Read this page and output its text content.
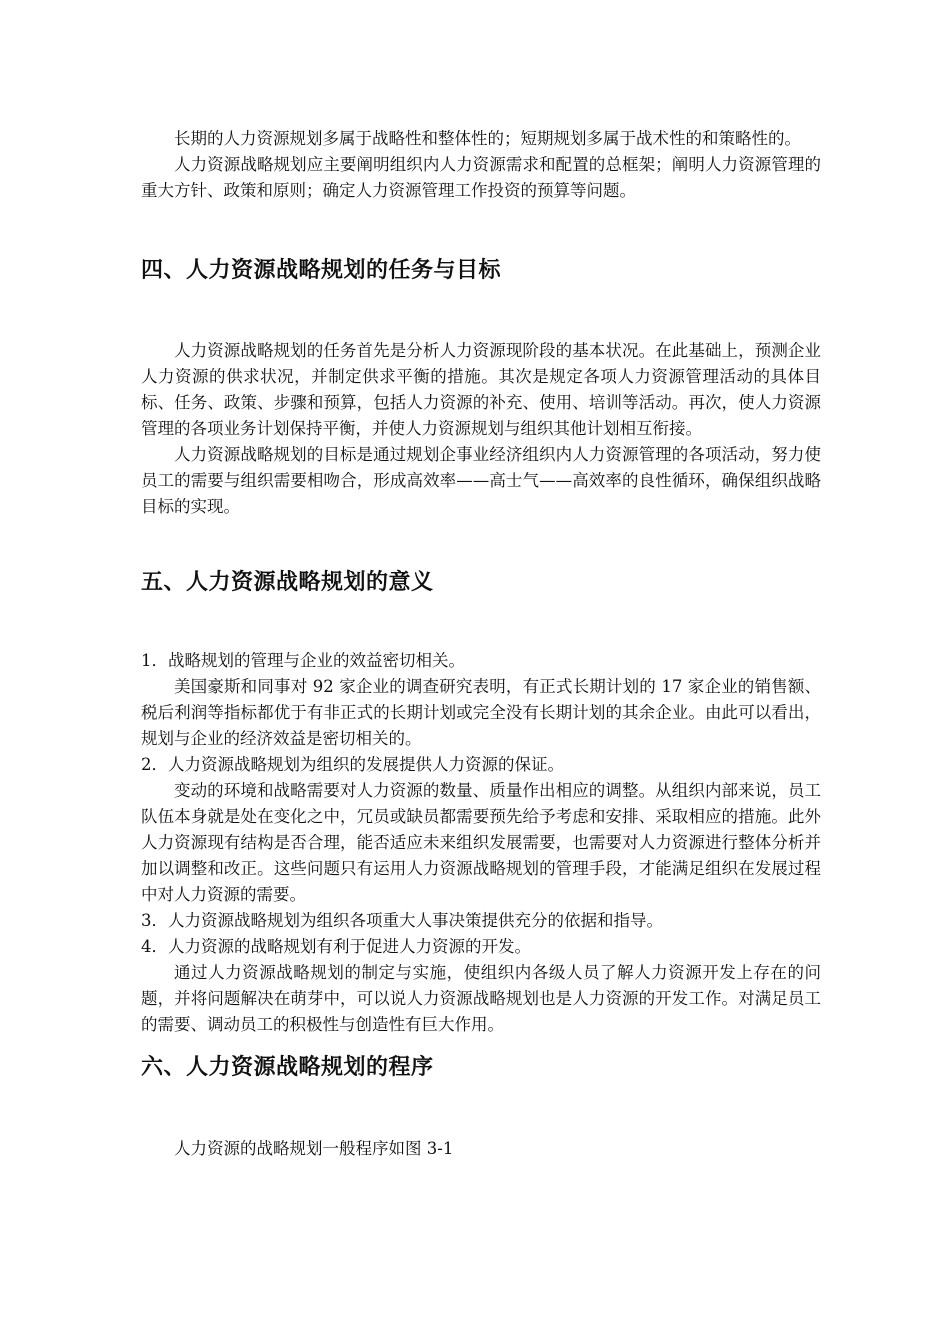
长期的人力资源规划多属于战略性和整体性的；短期规划多属于战术性的和策略性的。

人力资源战略规划应主要阐明组织内人力资源需求和配置的总框架；阐明人力资源管理的重大方针、政策和原则；确定人力资源管理工作投资的预算等问题。

四、人力资源战略规划的任务与目标

人力资源战略规划的任务首先是分析人力资源现阶段的基本状况。在此基础上，预测企业人力资源的供求状况，并制定供求平衡的措施。其次是规定各项人力资源管理活动的具体目标、任务、政策、步骤和预算，包括人力资源的补充、使用、培训等活动。再次，使人力资源管理的各项业务计划保持平衡，并使人力资源规划与组织其他计划相互衔接。

人力资源战略规划的目标是通过规划企事业经济组织内人力资源管理的各项活动，努力使员工的需要与组织需要相吻合，形成高效率——高士气——高效率的良性循环，确保组织战略目标的实现。

五、人力资源战略规划的意义

1．战略规划的管理与企业的效益密切相关。

美国豪斯和同事对 92 家企业的调查研究表明，有正式长期计划的 17 家企业的销售额、税后利润等指标都优于有非正式的长期计划或完全没有长期计划的其余企业。由此可以看出，规划与企业的经济效益是密切相关的。

2．人力资源战略规划为组织的发展提供人力资源的保证。

变动的环境和战略需要对人力资源的数量、质量作出相应的调整。从组织内部来说，员工队伍本身就是处在变化之中，冗员或缺员都需要预先给予考虑和安排、采取相应的措施。此外人力资源现有结构是否合理，能否适应未来组织发展需要，也需要对人力资源进行整体分析并加以调整和改正。这些问题只有运用人力资源战略规划的管理手段，才能满足组织在发展过程中对人力资源的需要。

3．人力资源战略规划为组织各项重大人事决策提供充分的依据和指导。

4．人力资源的战略规划有利于促进人力资源的开发。

通过人力资源战略规划的制定与实施，使组织内各级人员了解人力资源开发上存在的问题，并将问题解决在萌芽中，可以说人力资源战略规划也是人力资源的开发工作。对满足员工的需要、调动员工的积极性与创造性有巨大作用。

六、人力资源战略规划的程序

人力资源的战略规划一般程序如图 3-1
